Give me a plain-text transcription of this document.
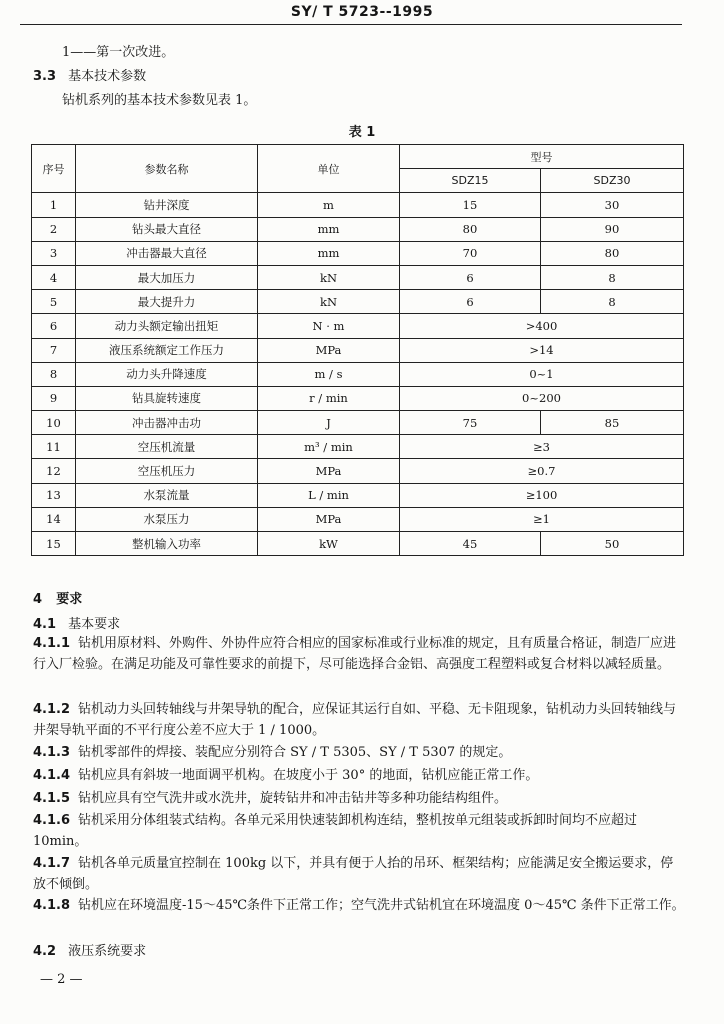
SY/ T 5723--1995
1——第一次改进。
3.3 基本技术参数
钻机系列的基本技术参数见表 1。
表 1
序号	参数名称	单位	型号	
			SDZ15	SDZ30
1	钻井深度	m	15	30
2	钻头最大直径	mm	80	90
3	冲击器最大直径	mm	70	80
4	最大加压力	kN	6	8
5	最大提升力	kN	6	8
6	动力头额定输出扭矩	N · m	>400	
7	液压系统额定工作压力	MPa	>14	
8	动力头升降速度	m / s	0~1	
9	钻具旋转速度	r / min	0~200	
10	冲击器冲击功	J	75	85
11	空压机流量	m³ / min	≥3	
12	空压机压力	MPa	≥0.7	
13	水泵流量	L / min	≥100	
14	水泵压力	MPa	≥1	
15	整机输入功率	kW	45	50
4 要求
4.1 基本要求
4.1.1 钻机用原材料、外购件、外协件应符合相应的国家标准或行业标准的规定，且有质量合格证，制造厂应进行入厂检验。在满足功能及可靠性要求的前提下，尽可能选择合金铝、高强度工程塑料或复合材料以减轻质量。
4.1.2 钻机动力头回转轴线与井架导轨的配合，应保证其运行自如、平稳、无卡阻现象，钻机动力头回转轴线与井架导轨平面的不平行度公差不应大于 1 / 1000。
4.1.3 钻机零部件的焊接、装配应分别符合 SY / T 5305、SY / T 5307 的规定。
4.1.4 钻机应具有斜坡一地面调平机构。在坡度小于 30° 的地面，钻机应能正常工作。
4.1.5 钻机应具有空气洗井或水洗井，旋转钻井和冲击钻井等多种功能结构组件。
4.1.6 钻机采用分体组装式结构。各单元采用快速装卸机构连结，整机按单元组装或拆卸时间均不应超过 10min。
4.1.7 钻机各单元质量宜控制在 100kg 以下，并具有便于人抬的吊环、框架结构；应能满足安全搬运要求，停放不倾倒。
4.1.8 钻机应在环境温度-15～45℃条件下正常工作；空气洗井式钻机宜在环境温度 0～45℃ 条件下正常工作。
4.2 液压系统要求
— 2 —
